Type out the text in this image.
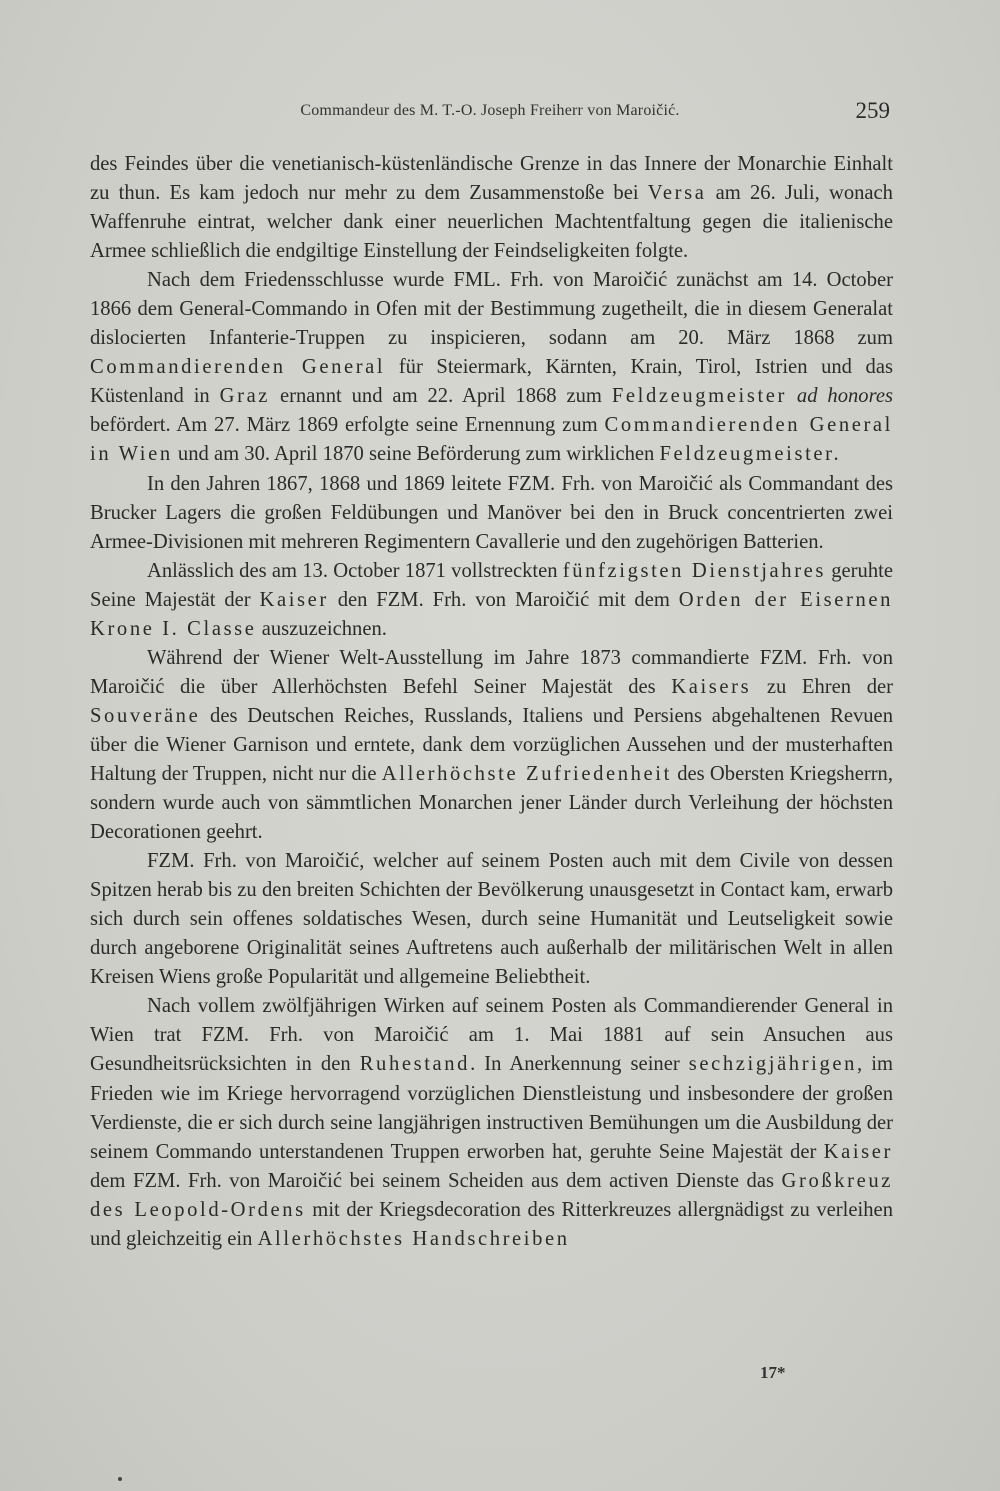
Commandeur des M. T.-O. Joseph Freiherr von Maroičić.	259

des Feindes über die venetianisch-küstenländische Grenze in das Innere der Monarchie Einhalt zu thun. Es kam jedoch nur mehr zu dem Zusammenstoße bei Versa am 26. Juli, wonach Waffenruhe eintrat, welcher dank einer neuerlichen Machtentfaltung gegen die italienische Armee schließlich die endgiltige Einstellung der Feindseligkeiten folgte.

Nach dem Friedensschlusse wurde FML. Frh. von Maroičić zunächst am 14. October 1866 dem General-Commando in Ofen mit der Bestimmung zugetheilt, die in diesem Generalat dislocierten Infanterie-Truppen zu inspicieren, sodann am 20. März 1868 zum Commandierenden General für Steiermark, Kärnten, Krain, Tirol, Istrien und das Küstenland in Graz ernannt und am 22. April 1868 zum Feldzeugmeister ad honores befördert. Am 27. März 1869 erfolgte seine Ernennung zum Commandierenden General in Wien und am 30. April 1870 seine Beförderung zum wirklichen Feldzeugmeister.

In den Jahren 1867, 1868 und 1869 leitete FZM. Frh. von Maroičić als Commandant des Brucker Lagers die großen Feldübungen und Manöver bei den in Bruck concentrierten zwei Armee-Divisionen mit mehreren Regimentern Cavallerie und den zugehörigen Batterien.

Anlässlich des am 13. October 1871 vollstreckten fünfzigsten Dienstjahres geruhte Seine Majestät der Kaiser den FZM. Frh. von Maroičić mit dem Orden der Eisernen Krone I. Classe auszuzeichnen.

Während der Wiener Welt-Ausstellung im Jahre 1873 commandierte FZM. Frh. von Maroičić die über Allerhöchsten Befehl Seiner Majestät des Kaisers zu Ehren der Souveräne des Deutschen Reiches, Russlands, Italiens und Persiens abgehaltenen Revuen über die Wiener Garnison und erntete, dank dem vorzüglichen Aussehen und der musterhaften Haltung der Truppen, nicht nur die Allerhöchste Zufriedenheit des Obersten Kriegsherrn, sondern wurde auch von sämmtlichen Monarchen jener Länder durch Verleihung der höchsten Decorationen geehrt.

FZM. Frh. von Maroičić, welcher auf seinem Posten auch mit dem Civile von dessen Spitzen herab bis zu den breiten Schichten der Bevölkerung unausgesetzt in Contact kam, erwarb sich durch sein offenes soldatisches Wesen, durch seine Humanität und Leutseligkeit sowie durch angeborene Originalität seines Auftretens auch außerhalb der militärischen Welt in allen Kreisen Wiens große Popularität und allgemeine Beliebtheit.

Nach vollem zwölfjährigen Wirken auf seinem Posten als Commandierender General in Wien trat FZM. Frh. von Maroičić am 1. Mai 1881 auf sein Ansuchen aus Gesundheitsrücksichten in den Ruhestand. In Anerkennung seiner sechzigjährigen, im Frieden wie im Kriege hervorragend vorzüglichen Dienstleistung und insbesondere der großen Verdienste, die er sich durch seine langjährigen instructiven Bemühungen um die Ausbildung der seinem Commando unterstandenen Truppen erworben hat, geruhte Seine Majestät der Kaiser dem FZM. Frh. von Maroičić bei seinem Scheiden aus dem activen Dienste das Großkreuz des Leopold-Ordens mit der Kriegsdecoration des Ritterkreuzes allergnädigst zu verleihen und gleichzeitig ein Allerhöchstes Handschreiben

17*
